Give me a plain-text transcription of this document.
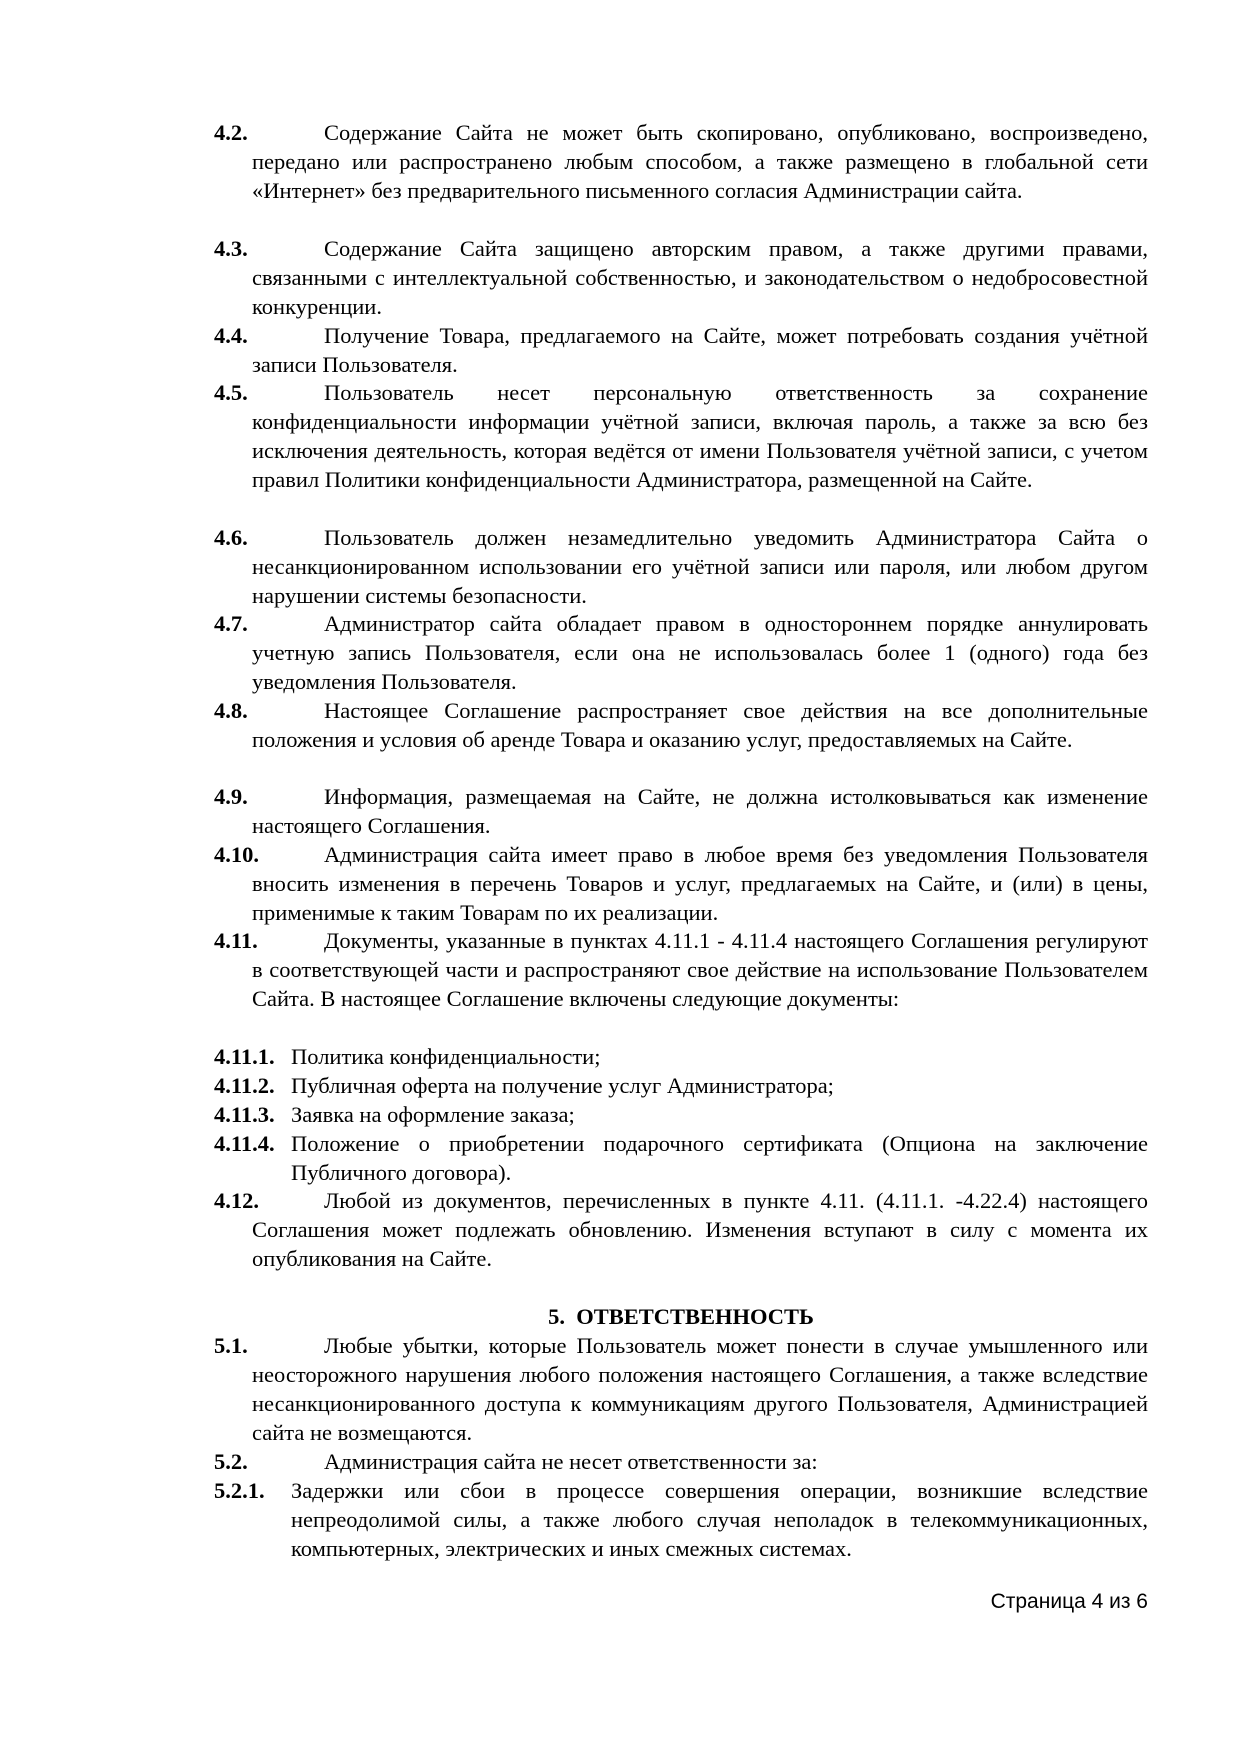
4.2.	Содержание Сайта не может быть скопировано, опубликовано, воспроизведено, передано или распространено любым способом, а также размещено в глобальной сети «Интернет» без предварительного письменного согласия Администрации сайта.
4.3.	Содержание Сайта защищено авторским правом, а также другими правами, связанными с интеллектуальной собственностью, и законодательством о недобросовестной конкуренции.
4.4.	Получение Товара, предлагаемого на Сайте, может потребовать создания учётной записи Пользователя.
4.5.	Пользователь несет персональную ответственность за сохранение конфиденциальности информации учётной записи, включая пароль, а также за всю без исключения деятельность, которая ведётся от имени Пользователя учётной записи, с учетом правил Политики конфиденциальности Администратора, размещенной на Сайте.
4.6.	Пользователь должен незамедлительно уведомить Администратора Сайта о несанкционированном использовании его учётной записи или пароля, или любом другом нарушении системы безопасности.
4.7.	Администратор сайта обладает правом в одностороннем порядке аннулировать учетную запись Пользователя, если она не использовалась более 1 (одного) года без уведомления Пользователя.
4.8.	Настоящее Соглашение распространяет свое действия на все дополнительные положения и условия об аренде Товара и оказанию услуг, предоставляемых на Сайте.
4.9.	Информация, размещаемая на Сайте, не должна истолковываться как изменение настоящего Соглашения.
4.10.	Администрация сайта имеет право в любое время без уведомления Пользователя вносить изменения в перечень Товаров и услуг, предлагаемых на Сайте, и (или) в цены, применимые к таким Товарам по их реализации.
4.11.	Документы, указанные в пунктах 4.11.1 - 4.11.4 настоящего Соглашения регулируют в соответствующей части и распространяют свое действие на использование Пользователем Сайта. В настоящее Соглашение включены следующие документы:
4.11.1. Политика конфиденциальности;
4.11.2. Публичная оферта на получение услуг Администратора;
4.11.3. Заявка на оформление заказа;
4.11.4. Положение о приобретении подарочного сертификата (Опциона на заключение Публичного договора).
4.12.	Любой из документов, перечисленных в пункте 4.11. (4.11.1. -4.22.4) настоящего Соглашения может подлежать обновлению. Изменения вступают в силу с момента их опубликования на Сайте.
5.  ОТВЕТСТВЕННОСТЬ
5.1.	Любые убытки, которые Пользователь может понести в случае умышленного или неосторожного нарушения любого положения настоящего Соглашения, а также вследствие несанкционированного доступа к коммуникациям другого Пользователя, Администрацией сайта не возмещаются.
5.2.	Администрация сайта не несет ответственности за:
5.2.1. Задержки или сбои в процессе совершения операции, возникшие вследствие непреодолимой силы, а также любого случая неполадок в телекоммуникационных, компьютерных, электрических и иных смежных системах.
Страница 4 из 6
